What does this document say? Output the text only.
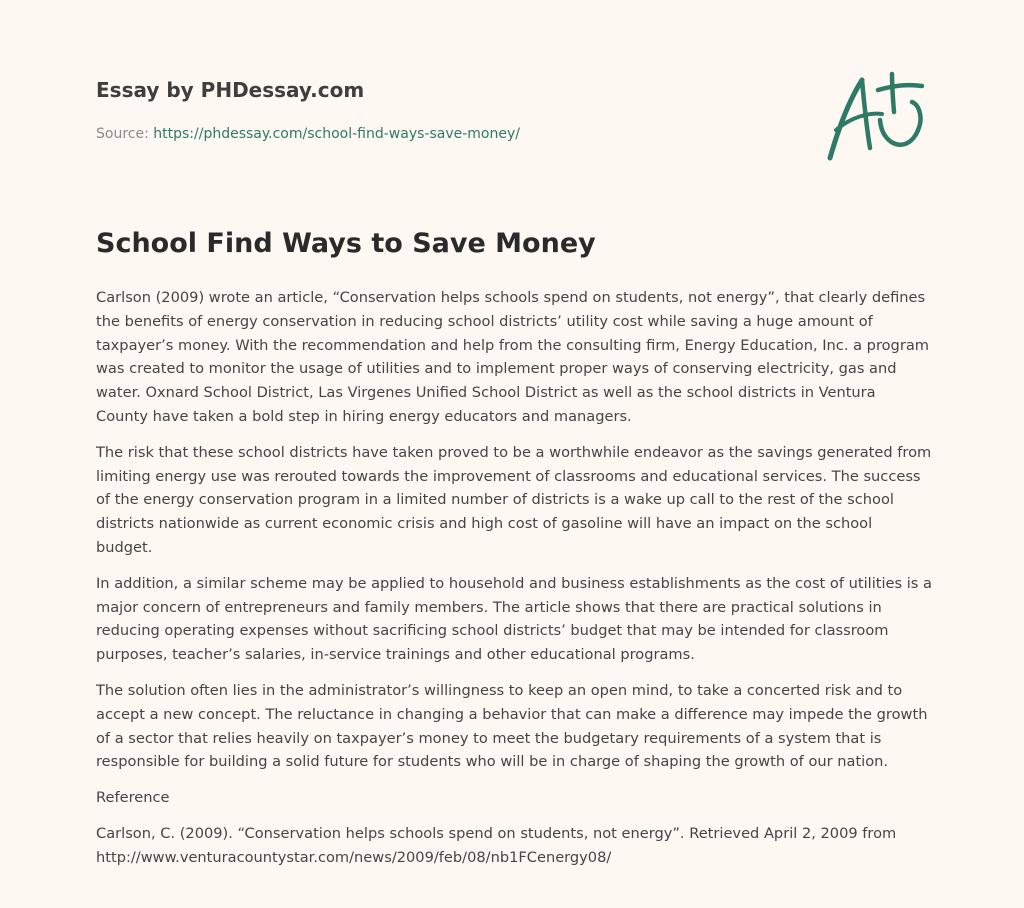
Essay by PHDessay.com
Source: https://phdessay.com/school-find-ways-save-money/
School Find Ways to Save Money

Carlson (2009) wrote an article, “Conservation helps schools spend on students, not energy”, that clearly defines the benefits of energy conservation in reducing school districts’ utility cost while saving a huge amount of taxpayer’s money. With the recommendation and help from the consulting firm, Energy Education, Inc. a program was created to monitor the usage of utilities and to implement proper ways of conserving electricity, gas and water. Oxnard School District, Las Virgenes Unified School District as well as the school districts in Ventura County have taken a bold step in hiring energy educators and managers.

The risk that these school districts have taken proved to be a worthwhile endeavor as the savings generated from limiting energy use was rerouted towards the improvement of classrooms and educational services. The success of the energy conservation program in a limited number of districts is a wake up call to the rest of the school districts nationwide as current economic crisis and high cost of gasoline will have an impact on the school budget.

In addition, a similar scheme may be applied to household and business establishments as the cost of utilities is a major concern of entrepreneurs and family members. The article shows that there are practical solutions in reducing operating expenses without sacrificing school districts’ budget that may be intended for classroom purposes, teacher’s salaries, in-service trainings and other educational programs.

The solution often lies in the administrator’s willingness to keep an open mind, to take a concerted risk and to accept a new concept. The reluctance in changing a behavior that can make a difference may impede the growth of a sector that relies heavily on taxpayer’s money to meet the budgetary requirements of a system that is responsible for building a solid future for students who will be in charge of shaping the growth of our nation.

Reference

Carlson, C. (2009). “Conservation helps schools spend on students, not energy”. Retrieved April 2, 2009 from http://www.venturacountystar.com/news/2009/feb/08/nb1FCenergy08/
